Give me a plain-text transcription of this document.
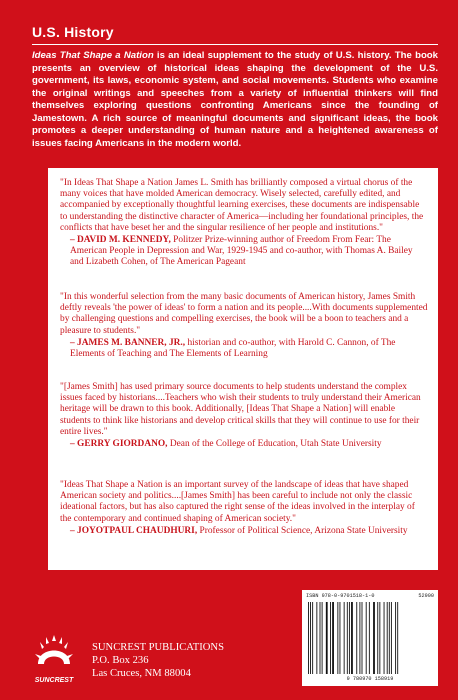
U.S. History
Ideas That Shape a Nation is an ideal supplement to the study of U.S. history. The book presents an overview of historical ideas shaping the development of the U.S. government, its laws, economic system, and social movements. Students who examine the original writings and speeches from a variety of influential thinkers will find themselves exploring questions confronting Americans since the founding of Jamestown. A rich source of meaningful documents and significant ideas, the book promotes a deeper understanding of human nature and a heightened awareness of issues facing Americans in the modern world.

"In Ideas That Shape a Nation James L. Smith has brilliantly composed a virtual chorus of the many voices that have molded American democracy. Wisely selected, carefully edited, and accompanied by exceptionally thoughtful learning exercises, these documents are indispensable to understanding the distinctive character of America—including her foundational principles, the conflicts that have beset her and the singular resilience of her people and institutions."

– DAVID M. KENNEDY, Politzer Prize-winning author of Freedom From Fear: The American People in Depression and War, 1929-1945 and co-author, with Thomas A. Bailey and Lizabeth Cohen, of The American Pageant

"In this wonderful selection from the many basic documents of American history, James Smith deftly reveals 'the power of ideas' to form a nation and its people....With documents supplemented by challenging questions and compelling exercises, the book will be a boon to teachers and a pleasure to students."

– JAMES M. BANNER, JR., historian and co-author, with Harold C. Cannon, of The Elements of Teaching and The Elements of Learning

"[James Smith] has used primary source documents to help students understand the complex issues faced by historians....Teachers who wish their students to truly understand their American heritage will be drawn to this book. Additionally, [Ideas That Shape a Nation] will enable students to think like historians and develop critical skills that they will continue to use for their entire lives."

– GERRY GIORDANO, Dean of the College of Education, Utah State University

"Ideas That Shape a Nation is an important survey of the landscape of ideas that have shaped American society and politics....[James Smith] has been careful to include not only the classic ideational factors, but has also captured the right sense of the ideas involved in the interplay of the contemporary and continued shaping of American society."

– JOYOTPAUL CHAUDHURI, Professor of Political Science, Arizona State University

ISBN 978-0-9701518-1-0	52900
9 780970 158919
SUNCREST
SUNCREST PUBLICATIONS
P.O. Box 236
Las Cruces, NM 88004
